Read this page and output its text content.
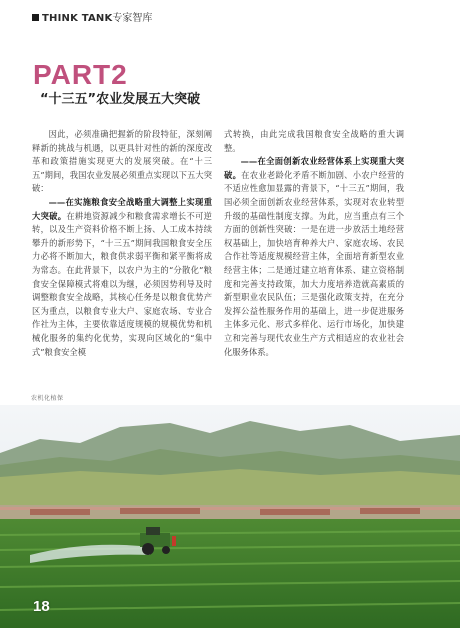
THINK TANK专家智库
PART2
“十三五”农业发展五大突破

因此，必须准确把握新的阶段特征，深刻阐释新的挑战与机遇，以更具针对性的新的深度改革和政策措施实现更大的发展突破。在“十三五”期间，我国农业发展必须重点实现以下五大突破：

——在实施粮食安全战略重大调整上实现重大突破。在耕地资源减少和粮食需求增长不可逆转，以及生产资料价格不断上扬、人工成本持续攀升的新形势下，“十三五”期间我国粮食安全压力必将不断加大，粮食供求弱平衡和紧平衡将成为常态。在此背景下，以农户为主的“分散化”粮食安全保障模式将难以为继，必须因势利导及时调整粮食安全战略，其核心任务是以粮食优势产区为重点，以粮食专业大户、家庭农场、专业合作社为主体，主要依靠适度规模的规模优势和机械化服务的集约化优势，实现向区域化的“集中式”粮食安全模

式转换，由此完成我国粮食安全战略的重大调整。

——在全面创新农业经营体系上实现重大突破。在农业老龄化矛盾不断加剧、小农户经营的不适应性愈加显露的背景下，“十三五”期间，我国必须全面创新农业经营体系，实现对农业转型升级的基础性制度支撑。为此，应当重点有三个方面的创新性突破：一是在进一步放活土地经营权基础上，加快培育种养大户、家庭农场、农民合作社等适度规模经营主体，全面培育新型农业经营主体；二是通过建立培育体系、建立资格制度和完善支持政策，加大力度培养造就高素质的新型职业农民队伍；三是强化政策支持，在充分发挥公益性服务作用的基础上，进一步促进服务主体多元化、形式多样化、运行市场化，加快建立和完善与现代农业生产方式相适应的农业社会化服务体系。

农机化植保
18
